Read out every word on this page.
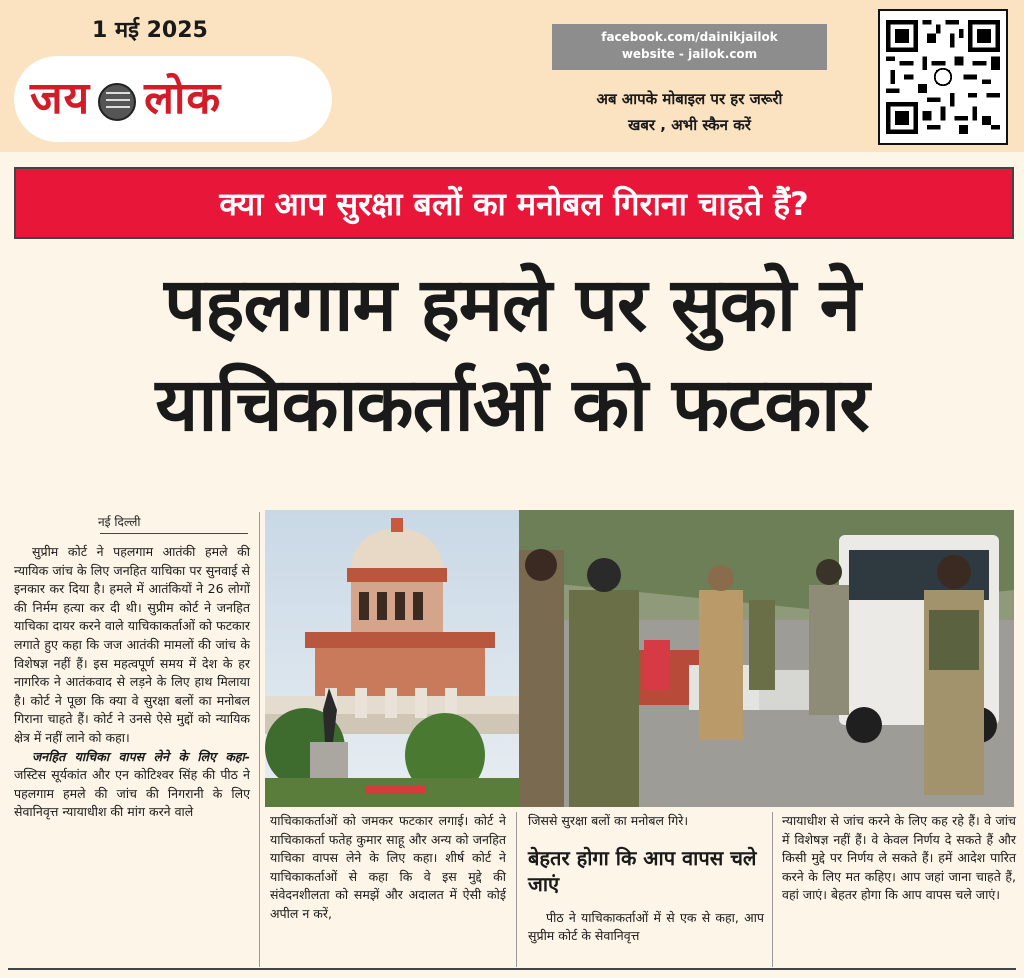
1 मई 2025
जय लोक
facebook.com/dainikjailok
website - jailok.com
अब आपके मोबाइल पर हर जरूरी
खबर , अभी स्कैन करें
क्या आप सुरक्षा बलों का मनोबल गिराना चाहते हैं?
पहलगाम हमले पर सुको ने
याचिकाकर्ताओं को फटकार
नई दिल्ली

सुप्रीम कोर्ट ने पहलगाम आतंकी हमले की न्यायिक जांच के लिए जनहित याचिका पर सुनवाई से इनकार कर दिया है। हमले में आतंकियों ने 26 लोगों की निर्मम हत्या कर दी थी। सुप्रीम कोर्ट ने जनहित याचिका दायर करने वाले याचिकाकर्ताओं को फटकार लगाते हुए कहा कि जज आतंकी मामलों की जांच के विशेषज्ञ नहीं हैं। इस महत्वपूर्ण समय में देश के हर नागरिक ने आतंकवाद से लड़ने के लिए हाथ मिलाया है। कोर्ट ने पूछा कि क्या वे सुरक्षा बलों का मनोबल गिराना चाहते हैं। कोर्ट ने उनसे ऐसे मुद्दों को न्यायिक क्षेत्र में नहीं लाने को कहा।

जनहित याचिका वापस लेने के लिए कहा- जस्टिस सूर्यकांत और एन कोटिश्वर सिंह की पीठ ने पहलगाम हमले की जांच की निगरानी के लिए सेवानिवृत्त न्यायाधीश की मांग करने वाले

याचिकाकर्ताओं को जमकर फटकार लगाई। कोर्ट ने याचिकाकर्ता फतेह कुमार साहू और अन्य को जनहित याचिका वापस लेने के लिए कहा। शीर्ष कोर्ट ने याचिकाकर्ताओं से कहा कि वे इस मुद्दे की संवेदनशीलता को समझें और अदालत में ऐसी कोई अपील न करें,

जिससे सुरक्षा बलों का मनोबल गिरे।

बेहतर होगा कि आप वापस चले जाएं

पीठ ने याचिकाकर्ताओं में से एक से कहा, आप सुप्रीम कोर्ट के सेवानिवृत्त

न्यायाधीश से जांच करने के लिए कह रहे हैं। वे जांच में विशेषज्ञ नहीं हैं। वे केवल निर्णय दे सकते हैं और किसी मुद्दे पर निर्णय ले सकते हैं। हमें आदेश पारित करने के लिए मत कहिए। आप जहां जाना चाहते हैं, वहां जाएं। बेहतर होगा कि आप वापस चले जाएं।
